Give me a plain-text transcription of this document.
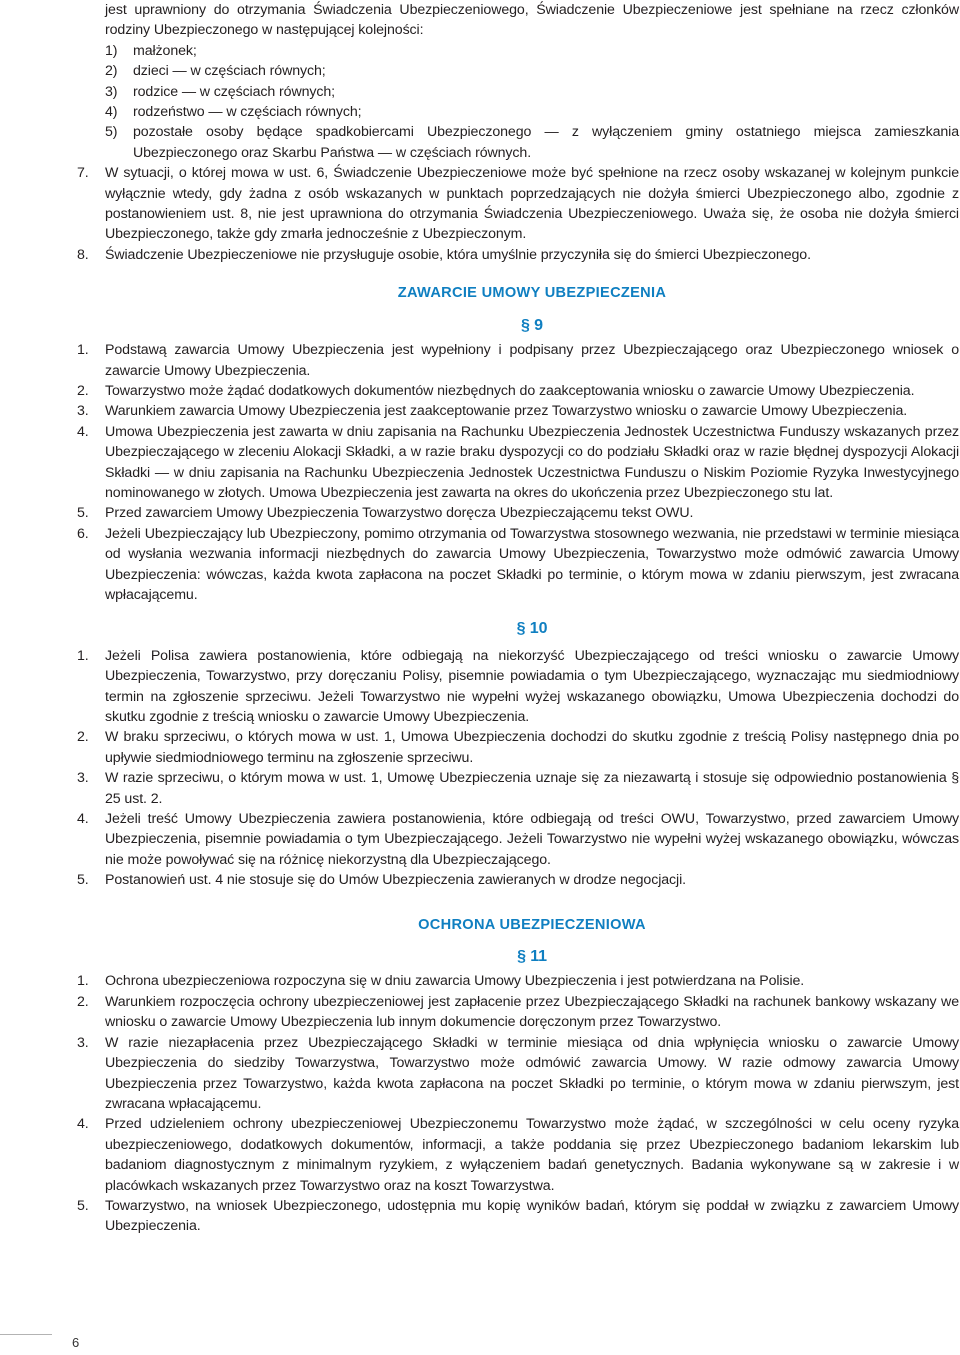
jest uprawniony do otrzymania Świadczenia Ubezpieczeniowego, Świadczenie Ubezpieczeniowe jest spełniane na rzecz członków rodziny Ubezpieczonego w następującej kolejności:
1)	małżonek;
2)	dzieci — w częściach równych;
3)	rodzice — w częściach równych;
4)	rodzeństwo — w częściach równych;
5)	pozostałe osoby będące spadkobiercami Ubezpieczonego — z wyłączeniem gminy ostatniego miejsca zamieszkania Ubezpieczonego oraz Skarbu Państwa — w częściach równych.
7.	W sytuacji, o której mowa w ust. 6, Świadczenie Ubezpieczeniowe może być spełnione na rzecz osoby wskazanej w kolejnym punkcie wyłącznie wtedy, gdy żadna z osób wskazanych w punktach poprzedzających nie dożyła śmierci Ubezpieczonego albo, zgodnie z postanowieniem ust. 8, nie jest uprawniona do otrzymania Świadczenia Ubezpieczeniowego. Uważa się, że osoba nie dożyła śmierci Ubezpieczonego, także gdy zmarła jednocześnie z Ubezpieczonym.
8.	Świadczenie Ubezpieczeniowe nie przysługuje osobie, która umyślnie przyczyniła się do śmierci Ubezpieczonego.
ZAWARCIE UMOWY UBEZPIECZENIA
§ 9
1.	Podstawą zawarcia Umowy Ubezpieczenia jest wypełniony i podpisany przez Ubezpieczającego oraz Ubezpieczonego wniosek o zawarcie Umowy Ubezpieczenia.
2.	Towarzystwo może żądać dodatkowych dokumentów niezbędnych do zaakceptowania wniosku o zawarcie Umowy Ubezpieczenia.
3.	Warunkiem zawarcia Umowy Ubezpieczenia jest zaakceptowanie przez Towarzystwo wniosku o zawarcie Umowy Ubezpieczenia.
4.	Umowa Ubezpieczenia jest zawarta w dniu zapisania na Rachunku Ubezpieczenia Jednostek Uczestnictwa Funduszy wskazanych przez Ubezpieczającego w zleceniu Alokacji Składki, a w razie braku dyspozycji co do podziału Składki oraz w razie błędnej dyspozycji Alokacji Składki — w dniu zapisania na Rachunku Ubezpieczenia Jednostek Uczestnictwa Funduszu o Niskim Poziomie Ryzyka Inwestycyjnego nominowanego w złotych. Umowa Ubezpieczenia jest zawarta na okres do ukończenia przez Ubezpieczonego stu lat.
5.	Przed zawarciem Umowy Ubezpieczenia Towarzystwo doręcza Ubezpieczającemu tekst OWU.
6.	Jeżeli Ubezpieczający lub Ubezpieczony, pomimo otrzymania od Towarzystwa stosownego wezwania, nie przedstawi w terminie miesiąca od wysłania wezwania informacji niezbędnych do zawarcia Umowy Ubezpieczenia, Towarzystwo może odmówić zawarcia Umowy Ubezpieczenia: wówczas, każda kwota zapłacona na poczet Składki po terminie, o którym mowa w zdaniu pierwszym, jest zwracana wpłacającemu.
§ 10
1.	Jeżeli Polisa zawiera postanowienia, które odbiegają na niekorzyść Ubezpieczającego od treści wniosku o zawarcie Umowy Ubezpieczenia, Towarzystwo, przy doręczaniu Polisy, pisemnie powiadamia o tym Ubezpieczającego, wyznaczając mu siedmiodniowy termin na zgłoszenie sprzeciwu. Jeżeli Towarzystwo nie wypełni wyżej wskazanego obowiązku, Umowa Ubezpieczenia dochodzi do skutku zgodnie z treścią wniosku o zawarcie Umowy Ubezpieczenia.
2.	W braku sprzeciwu, o których mowa w ust. 1, Umowa Ubezpieczenia dochodzi do skutku zgodnie z treścią Polisy następnego dnia po upływie siedmiodniowego terminu na zgłoszenie sprzeciwu.
3.	W razie sprzeciwu, o którym mowa w ust. 1, Umowę Ubezpieczenia uznaje się za niezawartą i stosuje się odpowiednio postanowienia § 25 ust. 2.
4.	Jeżeli treść Umowy Ubezpieczenia zawiera postanowienia, które odbiegają od treści OWU, Towarzystwo, przed zawarciem Umowy Ubezpieczenia, pisemnie powiadamia o tym Ubezpieczającego. Jeżeli Towarzystwo nie wypełni wyżej wskazanego obowiązku, wówczas nie może powoływać się na różnicę niekorzystną dla Ubezpieczającego.
5.	Postanowień ust. 4 nie stosuje się do Umów Ubezpieczenia zawieranych w drodze negocjacji.
OCHRONA UBEZPIECZENIOWA
§ 11
1.	Ochrona ubezpieczeniowa rozpoczyna się w dniu zawarcia Umowy Ubezpieczenia i jest potwierdzana na Polisie.
2.	Warunkiem rozpoczęcia ochrony ubezpieczeniowej jest zapłacenie przez Ubezpieczającego Składki na rachunek bankowy wskazany we wniosku o zawarcie Umowy Ubezpieczenia lub innym dokumencie doręczonym przez Towarzystwo.
3.	W razie niezapłacenia przez Ubezpieczającego Składki w terminie miesiąca od dnia wpłynięcia wniosku o zawarcie Umowy Ubezpieczenia do siedziby Towarzystwa, Towarzystwo może odmówić zawarcia Umowy. W razie odmowy zawarcia Umowy Ubezpieczenia przez Towarzystwo, każda kwota zapłacona na poczet Składki po terminie, o którym mowa w zdaniu pierwszym, jest zwracana wpłacającemu.
4.	Przed udzieleniem ochrony ubezpieczeniowej Ubezpieczonemu Towarzystwo może żądać, w szczególności w celu oceny ryzyka ubezpieczeniowego, dodatkowych dokumentów, informacji, a także poddania się przez Ubezpieczonego badaniom lekarskim lub badaniom diagnostycznym z minimalnym ryzykiem, z wyłączeniem badań genetycznych. Badania wykonywane są w zakresie i w placówkach wskazanych przez Towarzystwo oraz na koszt Towarzystwa.
5.	Towarzystwo, na wniosek Ubezpieczonego, udostępnia mu kopię wyników badań, którym się poddał w związku z zawarciem Umowy Ubezpieczenia.
6
